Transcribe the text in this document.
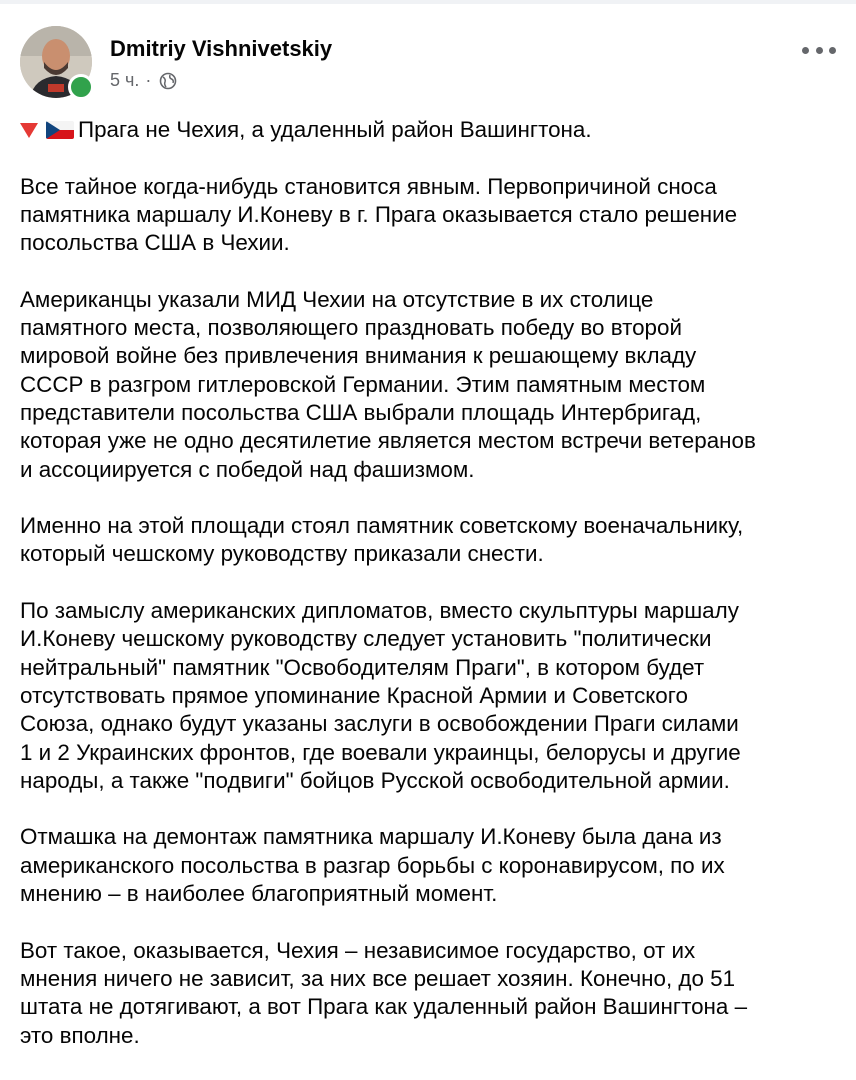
Dmitriy Vishnivetskiy
5 ч. ·

Прага не Чехия, а удаленный район Вашингтона.

Все тайное когда-нибудь становится явным. Первопричиной сноса
памятника маршалу И.Коневу в г. Прага оказывается стало решение
посольства США в Чехии.

Американцы указали МИД Чехии на отсутствие в их столице
памятного места, позволяющего праздновать победу во второй
мировой войне без привлечения внимания к решающему вкладу
СССР в разгром гитлеровской Германии. Этим памятным местом
представители посольства США выбрали площадь Интербригад,
которая уже не одно десятилетие является местом встречи ветеранов
и ассоциируется с победой над фашизмом.

Именно на этой площади стоял памятник советскому военачальнику,
который чешскому руководству приказали снести.

По замыслу американских дипломатов, вместо скульптуры маршалу
И.Коневу чешскому руководству следует установить "политически
нейтральный" памятник "Освободителям Праги", в котором будет
отсутствовать прямое упоминание Красной Армии и Советского
Союза, однако будут указаны заслуги в освобождении Праги силами
1 и 2 Украинских фронтов, где воевали украинцы, белорусы и другие
народы, а также "подвиги" бойцов Русской освободительной армии.

Отмашка на демонтаж памятника маршалу И.Коневу была дана из
американского посольства в разгар борьбы с коронавирусом, по их
мнению – в наиболее благоприятный момент.

Вот такое, оказывается, Чехия – независимое государство, от их
мнения ничего не зависит, за них все решает хозяин. Конечно, до 51
штата не дотягивают, а вот Прага как удаленный район Вашингтона –
это вполне.
